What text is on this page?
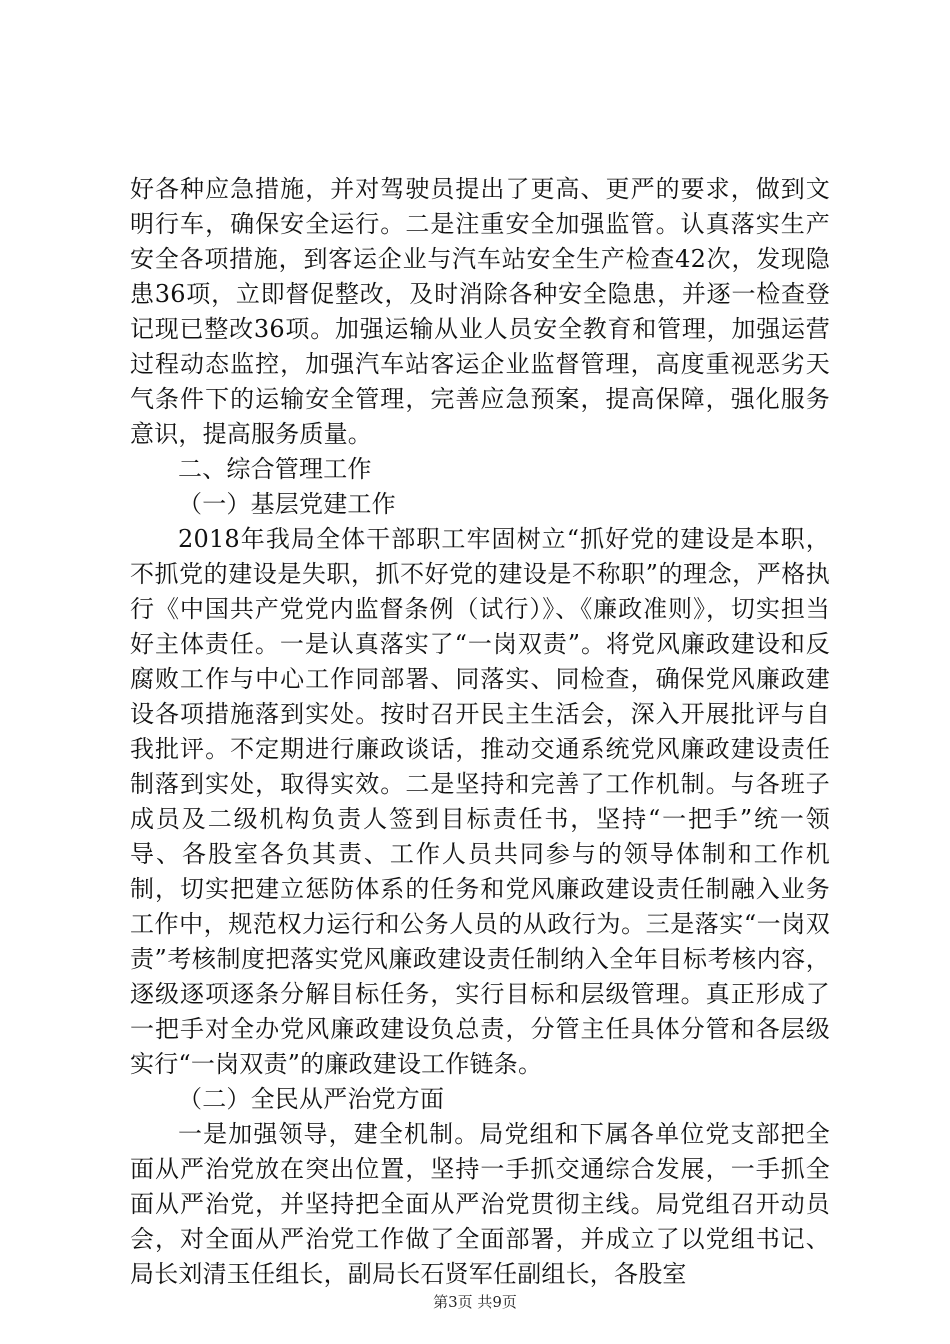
好各种应急措施，并对驾驶员提出了更高、更严的要求，做到文明行车，确保安全运行。二是注重安全加强监管。认真落实生产安全各项措施，到客运企业与汽车站安全生产检查42次，发现隐患36项，立即督促整改，及时消除各种安全隐患，并逐一检查登记现已整改36项。加强运输从业人员安全教育和管理，加强运营过程动态监控，加强汽车站客运企业监督管理，高度重视恶劣天气条件下的运输安全管理，完善应急预案，提高保障，强化服务意识，提高服务质量。

二、综合管理工作

（一）基层党建工作

2018年我局全体干部职工牢固树立“抓好党的建设是本职，不抓党的建设是失职，抓不好党的建设是不称职”的理念，严格执行《中国共产党党内监督条例（试行）》、《廉政准则》，切实担当好主体责任。一是认真落实了“一岗双责”。将党风廉政建设和反腐败工作与中心工作同部署、同落实、同检查，确保党风廉政建设各项措施落到实处。按时召开民主生活会，深入开展批评与自我批评。不定期进行廉政谈话，推动交通系统党风廉政建设责任制落到实处，取得实效。二是坚持和完善了工作机制。与各班子成员及二级机构负责人签到目标责任书，坚持“一把手”统一领导、各股室各负其责、工作人员共同参与的领导体制和工作机制，切实把建立惩防体系的任务和党风廉政建设责任制融入业务工作中，规范权力运行和公务人员的从政行为。三是落实“一岗双责”考核制度把落实党风廉政建设责任制纳入全年目标考核内容，逐级逐项逐条分解目标任务，实行目标和层级管理。真正形成了一把手对全办党风廉政建设负总责，分管主任具体分管和各层级实行“一岗双责”的廉政建设工作链条。

（二）全民从严治党方面

一是加强领导，建全机制。局党组和下属各单位党支部把全面从严治党放在突出位置，坚持一手抓交通综合发展，一手抓全面从严治党，并坚持把全面从严治党贯彻主线。局党组召开动员会，对全面从严治党工作做了全面部署，并成立了以党组书记、局长刘清玉任组长，副局长石贤军任副组长，各股室

第3页 共9页
